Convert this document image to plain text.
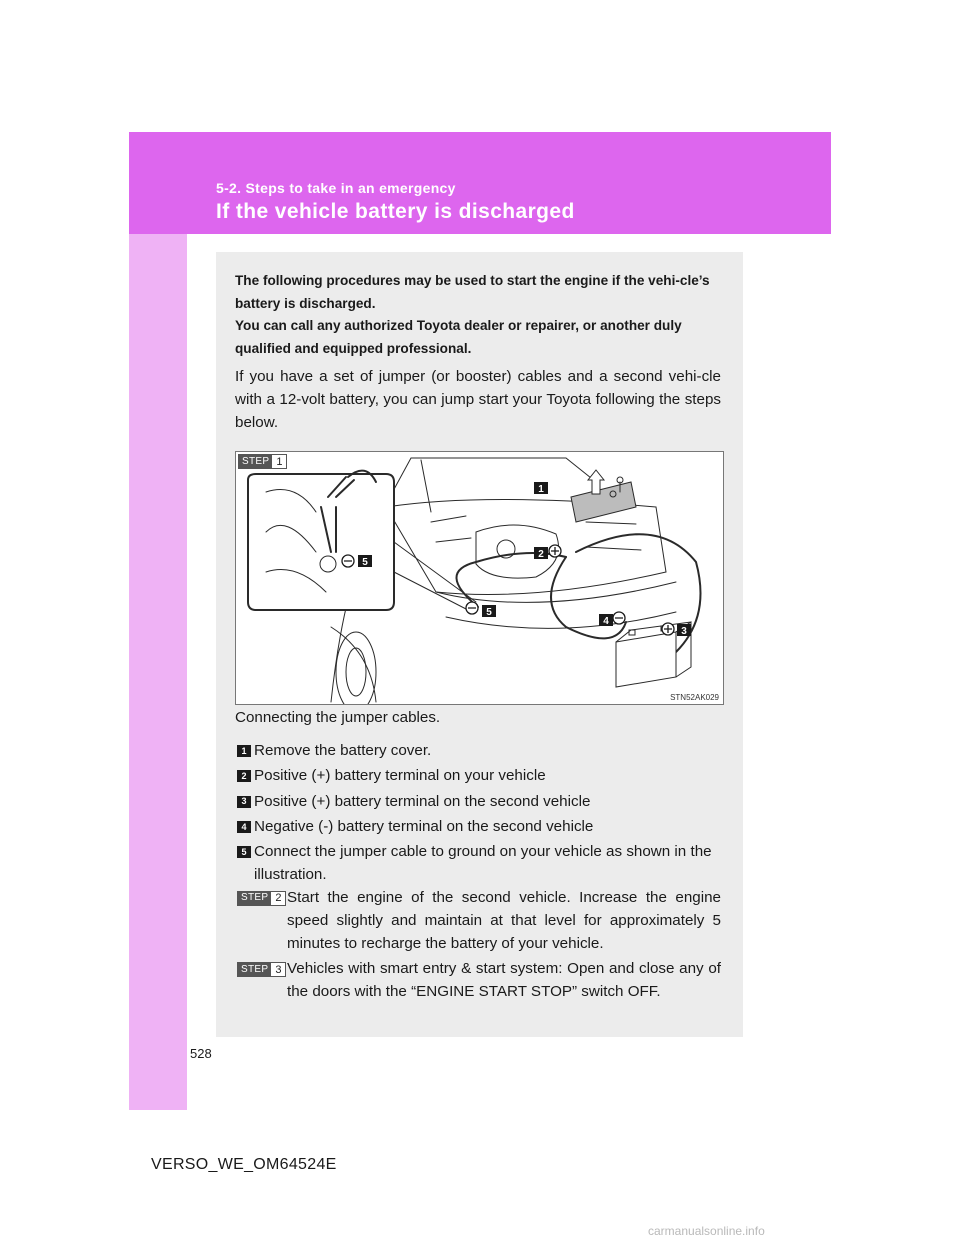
5-2. Steps to take in an emergency
If the vehicle battery is discharged

The following procedures may be used to start the engine if the vehi-cle’s battery is discharged.

You can call any authorized Toyota dealer or repairer, or another duly qualified and equipped professional.

If you have a set of jumper (or booster) cables and a second vehi-cle with a 12-volt battery, you can jump start your Toyota following the steps below.
STEP 1
1
2
3
4
5
5
STN52AK029
Connecting the jumper cables.
1 Remove the battery cover.
2 Positive (+) battery terminal on your vehicle
3 Positive (+) battery terminal on the second vehicle
4 Negative (-) battery terminal on the second vehicle
5 Connect the jumper cable to ground on your vehicle as shown in the illustration.
STEP 2 Start the engine of the second vehicle. Increase the engine speed slightly and maintain at that level for approximately 5 minutes to recharge the battery of your vehicle.
STEP 3 Vehicles with smart entry & start system: Open and close any of the doors with the “ENGINE START STOP” switch OFF.
528
VERSO_WE_OM64524E
carmanualsonline.info
